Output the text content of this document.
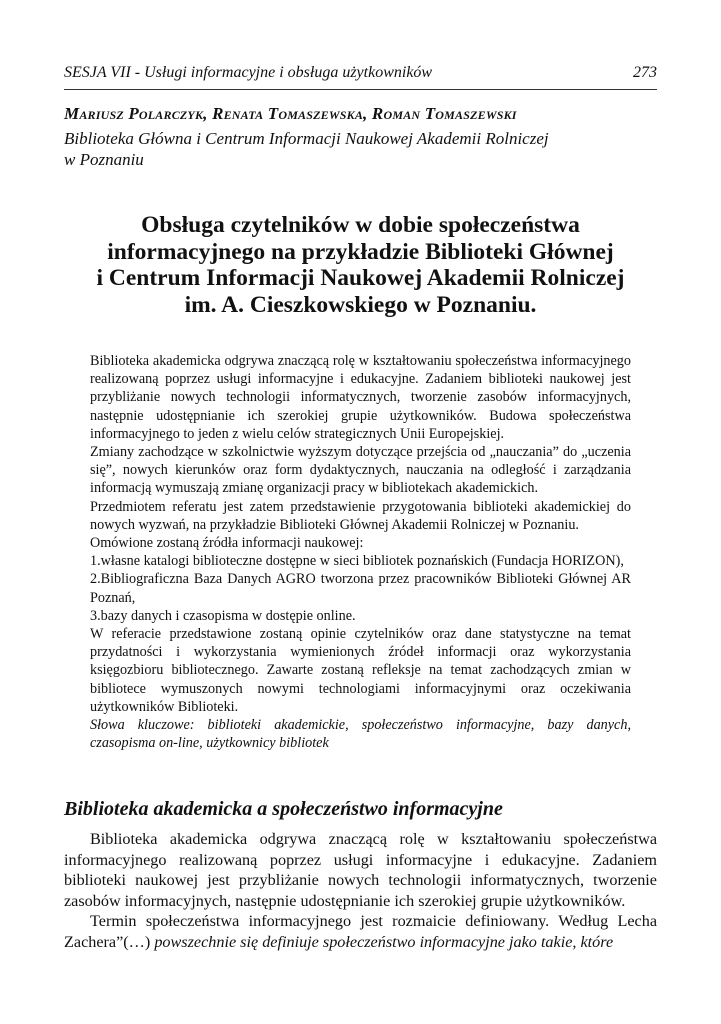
SESJA VII - Usługi informacyjne i obsługa użytkowników	273
Mariusz Polarczyk, Renata Tomaszewska, Roman Tomaszewski
Biblioteka Główna i Centrum Informacji Naukowej Akademii Rolniczej
w Poznaniu
Obsługa czytelników w dobie społeczeństwa
informacyjnego na przykładzie Biblioteki Głównej
i Centrum Informacji Naukowej Akademii Rolniczej
im. A. Cieszkowskiego w Poznaniu.

Biblioteka akademicka odgrywa znaczącą rolę w kształtowaniu społeczeństwa informacyjnego realizowaną poprzez usługi informacyjne i edukacyjne. Zadaniem biblioteki naukowej jest przybliżanie nowych technologii informatycznych, tworzenie zasobów informacyjnych, następnie udostępnianie ich szerokiej grupie użytkowników. Budowa społeczeństwa informacyjnego to jeden z wielu celów strategicznych Unii Europejskiej.

Zmiany zachodzące w szkolnictwie wyższym dotyczące przejścia od „nauczania” do „uczenia się”, nowych kierunków oraz form dydaktycznych, nauczania na odległość i zarządzania informacją wymuszają zmianę organizacji pracy w bibliotekach akademickich.

Przedmiotem referatu jest zatem przedstawienie przygotowania biblioteki akademickiej do nowych wyzwań, na przykładzie Biblioteki Głównej Akademii Rolniczej w Poznaniu.

Omówione zostaną źródła informacji naukowej:

1.własne katalogi biblioteczne dostępne w sieci bibliotek poznańskich (Fundacja HORIZON),

2.Bibliograficzna Baza Danych AGRO tworzona przez pracowników Biblioteki Głównej AR Poznań,

3.bazy danych i czasopisma w dostępie online.

W referacie przedstawione zostaną opinie czytelników oraz dane statystyczne na temat przydatności i wykorzystania wymienionych źródeł informacji oraz wykorzystania księgozbioru bibliotecznego. Zawarte zostaną refleksje na temat zachodzących zmian w bibliotece wymuszonych nowymi technologiami informacyjnymi oraz oczekiwania użytkowników Biblioteki.

Słowa kluczowe: biblioteki akademickie, społeczeństwo informacyjne, bazy danych, czasopisma on-line, użytkownicy bibliotek

Biblioteka akademicka a społeczeństwo informacyjne

Biblioteka akademicka odgrywa znaczącą rolę w kształtowaniu społeczeństwa informacyjnego realizowaną poprzez usługi informacyjne i edukacyjne. Zadaniem biblioteki naukowej jest przybliżanie nowych technologii informatycznych, tworzenie zasobów informacyjnych, następnie udostępnianie ich szerokiej grupie użytkowników.

Termin społeczeństwa informacyjnego jest rozmaicie definiowany. Według Lecha Zachera”(…) powszechnie się definiuje społeczeństwo informacyjne jako takie, które
